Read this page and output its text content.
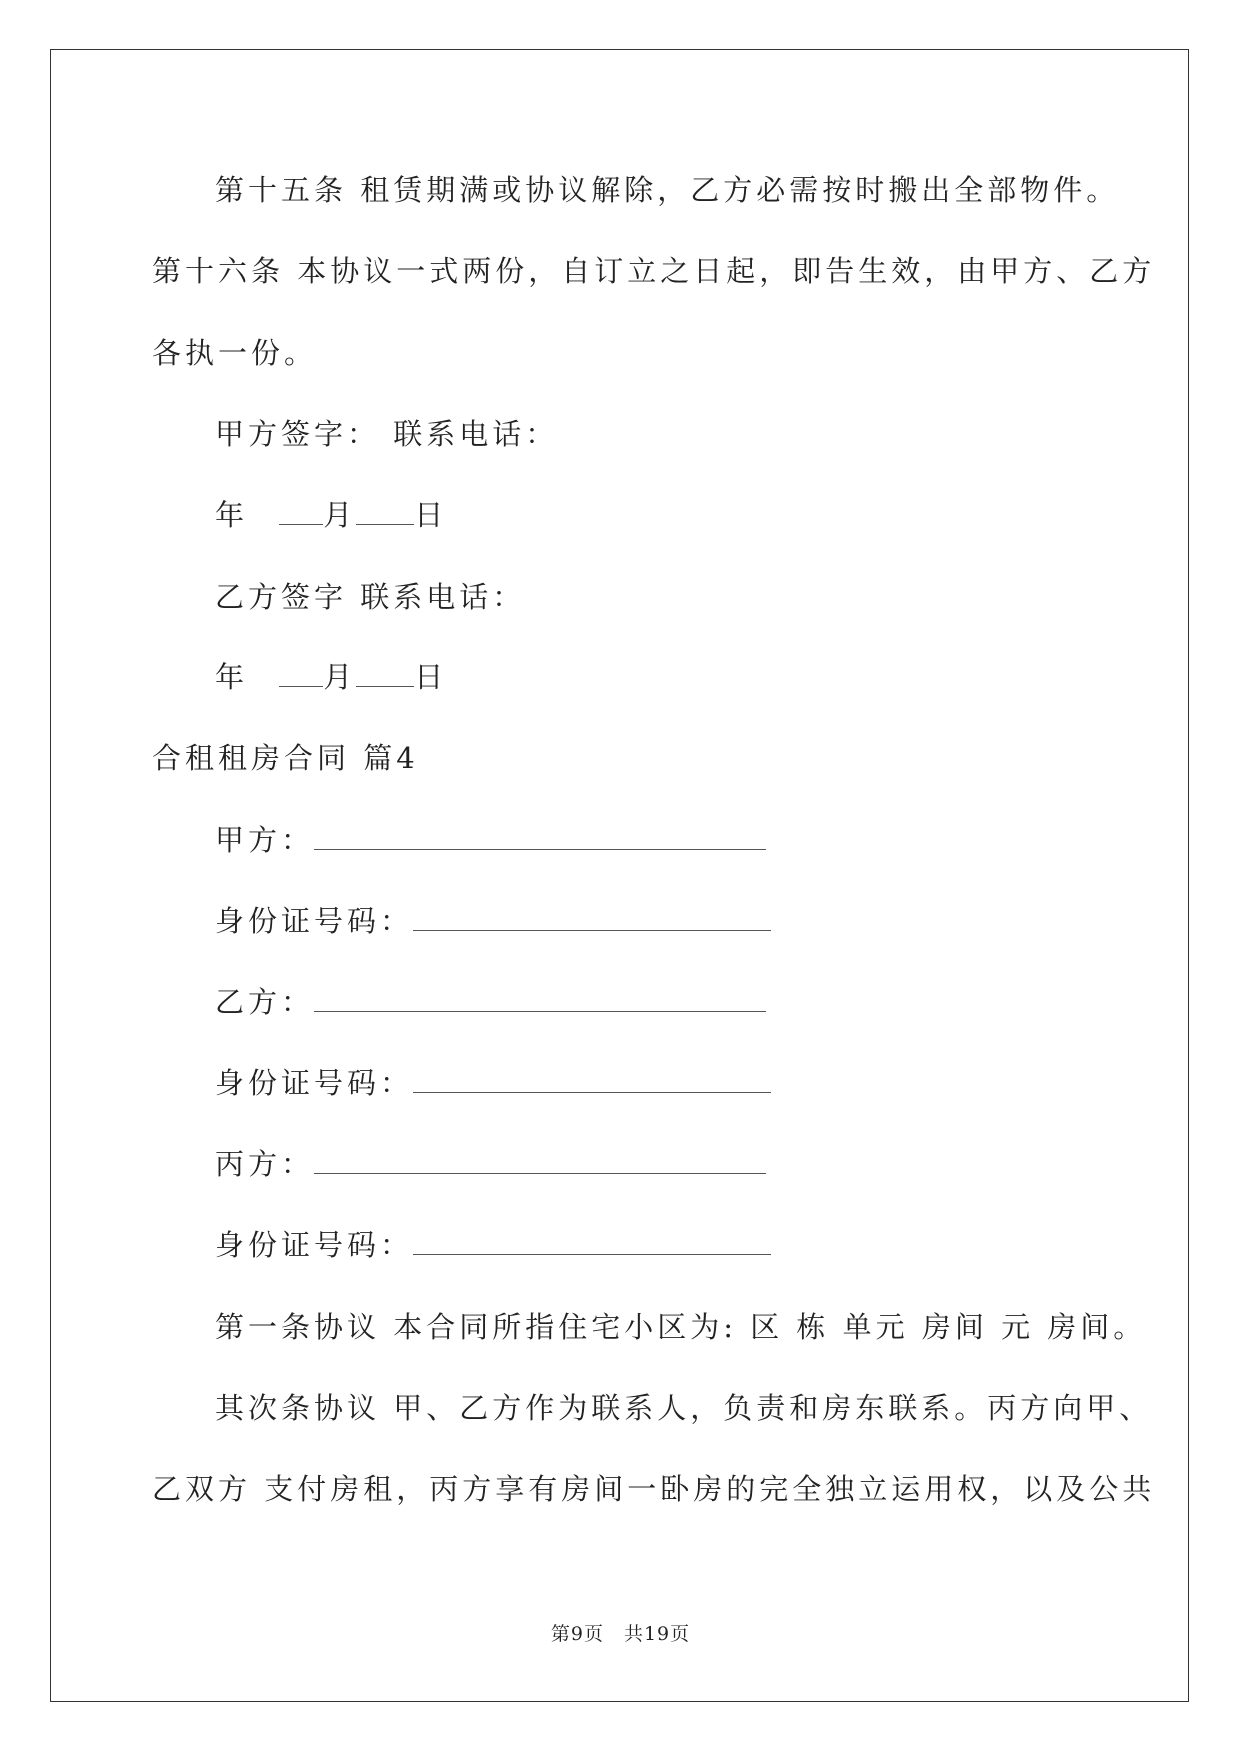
第十五条 租赁期满或协议解除，乙方必需按时搬出全部物件。
第十六条 本协议一式两份，自订立之日起，即告生效，由甲方、乙方
各执一份。
甲方签字： 联系电话：
年	月 日
乙方签字 联系电话：
年	月 日
合租租房合同 篇4
甲方：
身份证号码：
乙方：
身份证号码：
丙方：
身份证号码：
第一条协议 本合同所指住宅小区为: 区 栋 单元 房间 元 房间。
其次条协议 甲、乙方作为联系人，负责和房东联系。丙方向甲、
乙双方 支付房租，丙方享有房间一卧房的完全独立运用权，以及公共
第9页　共19页
